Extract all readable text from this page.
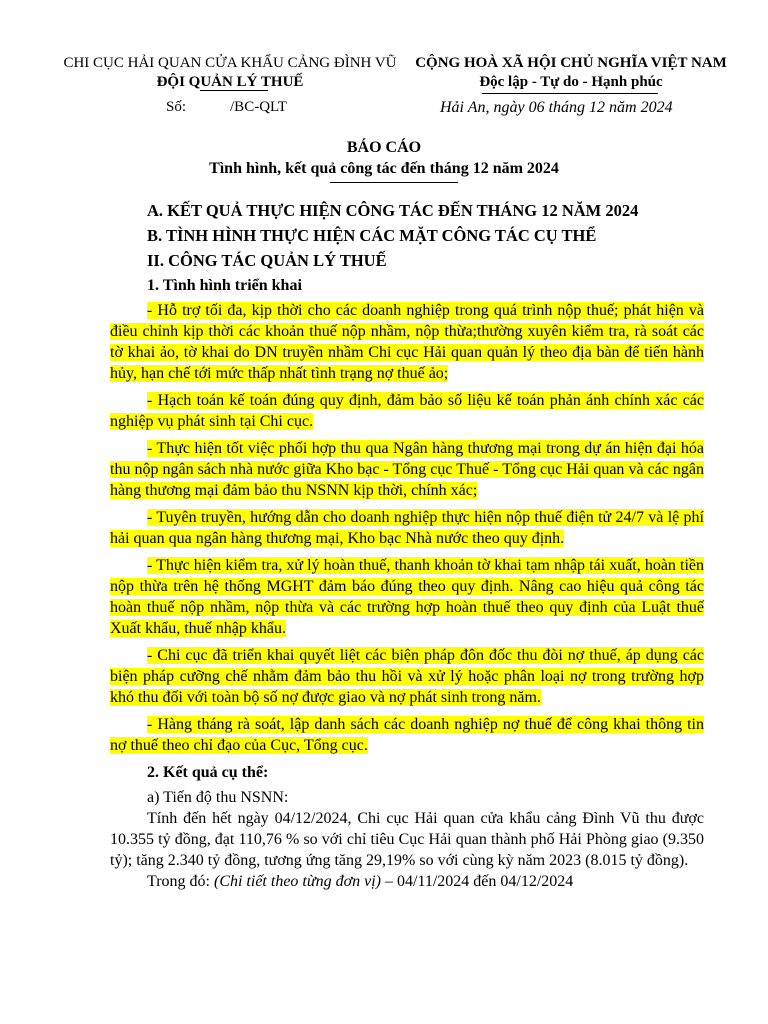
CHI CỤC HẢI QUAN CỬA KHẨU CẢNG ĐÌNH VŨ
ĐỘI QUẢN LÝ THUẾ
CỘNG HOÀ XÃ HỘI CHỦ NGHĨA VIỆT NAM
Độc lập - Tự do - Hạnh phúc
Số:	/BC-QLT	Hải An, ngày 06 tháng 12 năm 2024
BÁO CÁO
Tình hình, kết quả công tác đến tháng 12 năm 2024
A. KẾT QUẢ THỰC HIỆN CÔNG TÁC ĐẾN THÁNG 12 NĂM 2024
B. TÌNH HÌNH THỰC HIỆN CÁC MẶT CÔNG TÁC CỤ THỂ
II. CÔNG TÁC QUẢN LÝ THUẾ
1. Tình hình triển khai

- Hỗ trợ tối đa, kịp thời cho các doanh nghiệp trong quá trình nộp thuế; phát hiện và điều chỉnh kịp thời các khoản thuế nộp nhầm, nộp thừa;thường xuyên kiểm tra, rà soát các tờ khai ảo, tờ khai do DN truyền nhầm Chi cục Hải quan quản lý theo địa bàn để tiến hành hủy, hạn chế tới mức thấp nhất tình trạng nợ thuế ảo;

- Hạch toán kế toán đúng quy định, đảm bảo số liệu kế toán phản ánh chính xác các nghiệp vụ phát sinh tại Chi cục.

- Thực hiện tốt việc phối hợp thu qua Ngân hàng thương mại trong dự án hiện đại hóa thu nộp ngân sách nhà nước giữa Kho bạc - Tổng cục Thuế - Tổng cục Hải quan và các ngân hàng thương mại đảm bảo thu NSNN kịp thời, chính xác;

- Tuyên truyền, hướng dẫn cho doanh nghiệp thực hiện nộp thuế điện tử 24/7 và lệ phí hải quan qua ngân hàng thương mại, Kho bạc Nhà nước theo quy định.

- Thực hiện kiểm tra, xử lý hoàn thuế, thanh khoản tờ khai tạm nhập tái xuất, hoàn tiền nộp thừa trên hệ thống MGHT đảm báo đúng theo quy định. Nâng cao hiệu quả công tác hoàn thuế nộp nhầm, nộp thừa và các trường hợp hoàn thuế theo quy định của Luật thuế Xuất khẩu, thuế nhập khẩu.

- Chi cục đã triển khai quyết liệt các biện pháp đôn đốc thu đòi nợ thuế, áp dụng các biện pháp cưỡng chế nhằm đảm bảo thu hồi và xử lý hoặc phân loại nợ trong trường hợp khó thu đối với toàn bộ số nợ được giao và nợ phát sinh trong năm.

- Hàng tháng rà soát, lập danh sách các doanh nghiệp nợ thuế để công khai thông tin nợ thuế theo chỉ đạo của Cục, Tổng cục.

2. Kết quả cụ thể:

a) Tiến độ thu NSNN:

Tính đến hết ngày 04/12/2024, Chi cục Hải quan cửa khẩu cảng Đình Vũ thu được 10.355 tỷ đồng, đạt 110,76 % so với chỉ tiêu Cục Hải quan thành phố Hải Phòng giao (9.350 tỷ); tăng 2.340 tỷ đồng, tương ứng tăng 29,19% so với cùng kỳ năm 2023 (8.015 tỷ đồng).

Trong đó: (Chi tiết theo từng đơn vị) – 04/11/2024 đến 04/12/2024
